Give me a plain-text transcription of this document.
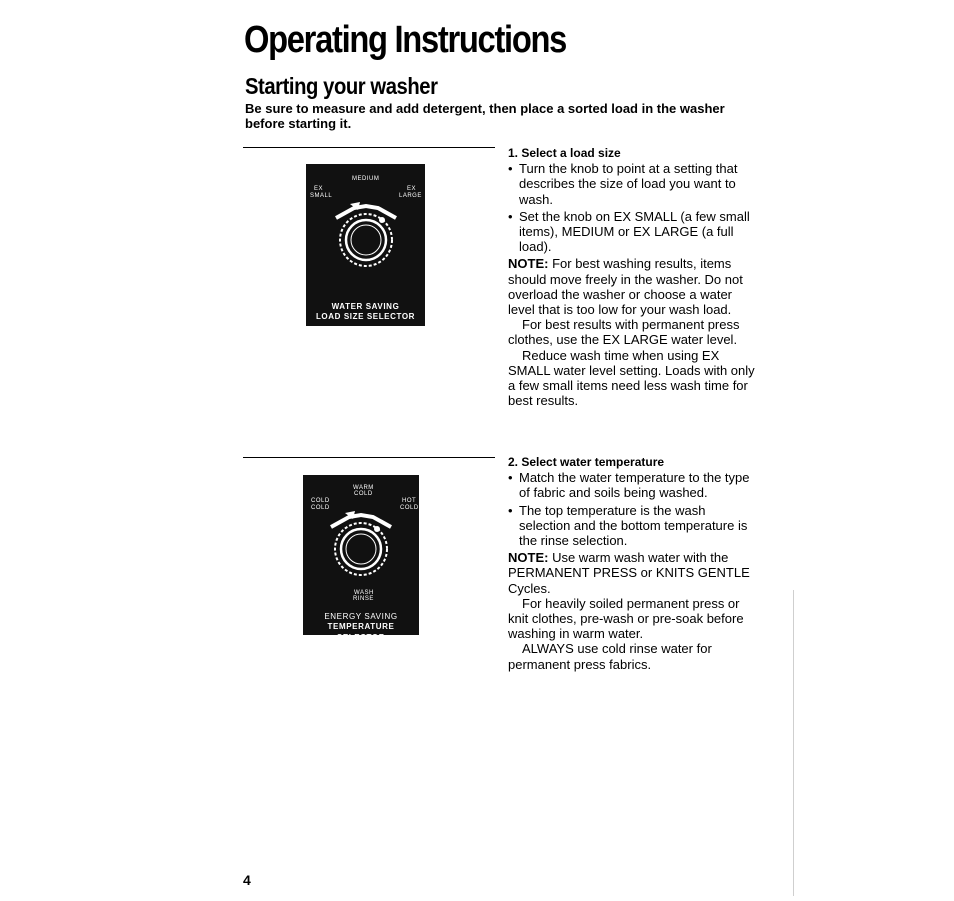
Operating Instructions
Starting your washer
Be sure to measure and add detergent, then place a sorted load in the washer before starting it.
MEDIUM
EX
SMALL
EX
LARGE
WATER SAVING
LOAD SIZE SELECTOR
WARM
COLD
COLD
COLD
HOT
COLD
WASH
RINSE
ENERGY SAVING
TEMPERATURE SELECTOR

1. Select a load size

• Turn the knob to point at a setting that describes the size of load you want to wash.
• Set the knob on EX SMALL (a few small items), MEDIUM or EX LARGE (a full load).

NOTE: For best washing results, items should move freely in the washer. Do not overload the washer or choose a water level that is too low for your wash load.

For best results with permanent press clothes, use the EX LARGE water level.

Reduce wash time when using EX SMALL water level setting. Loads with only a few small items need less wash time for best results.

2. Select water temperature

• Match the water temperature to the type of fabric and soils being washed.
• The top temperature is the wash selection and the bottom temperature is the rinse selection.

NOTE: Use warm wash water with the PERMANENT PRESS or KNITS GENTLE Cycles.

For heavily soiled permanent press or knit clothes, pre-wash or pre-soak before washing in warm water.

ALWAYS use cold rinse water for permanent press fabrics.

4
